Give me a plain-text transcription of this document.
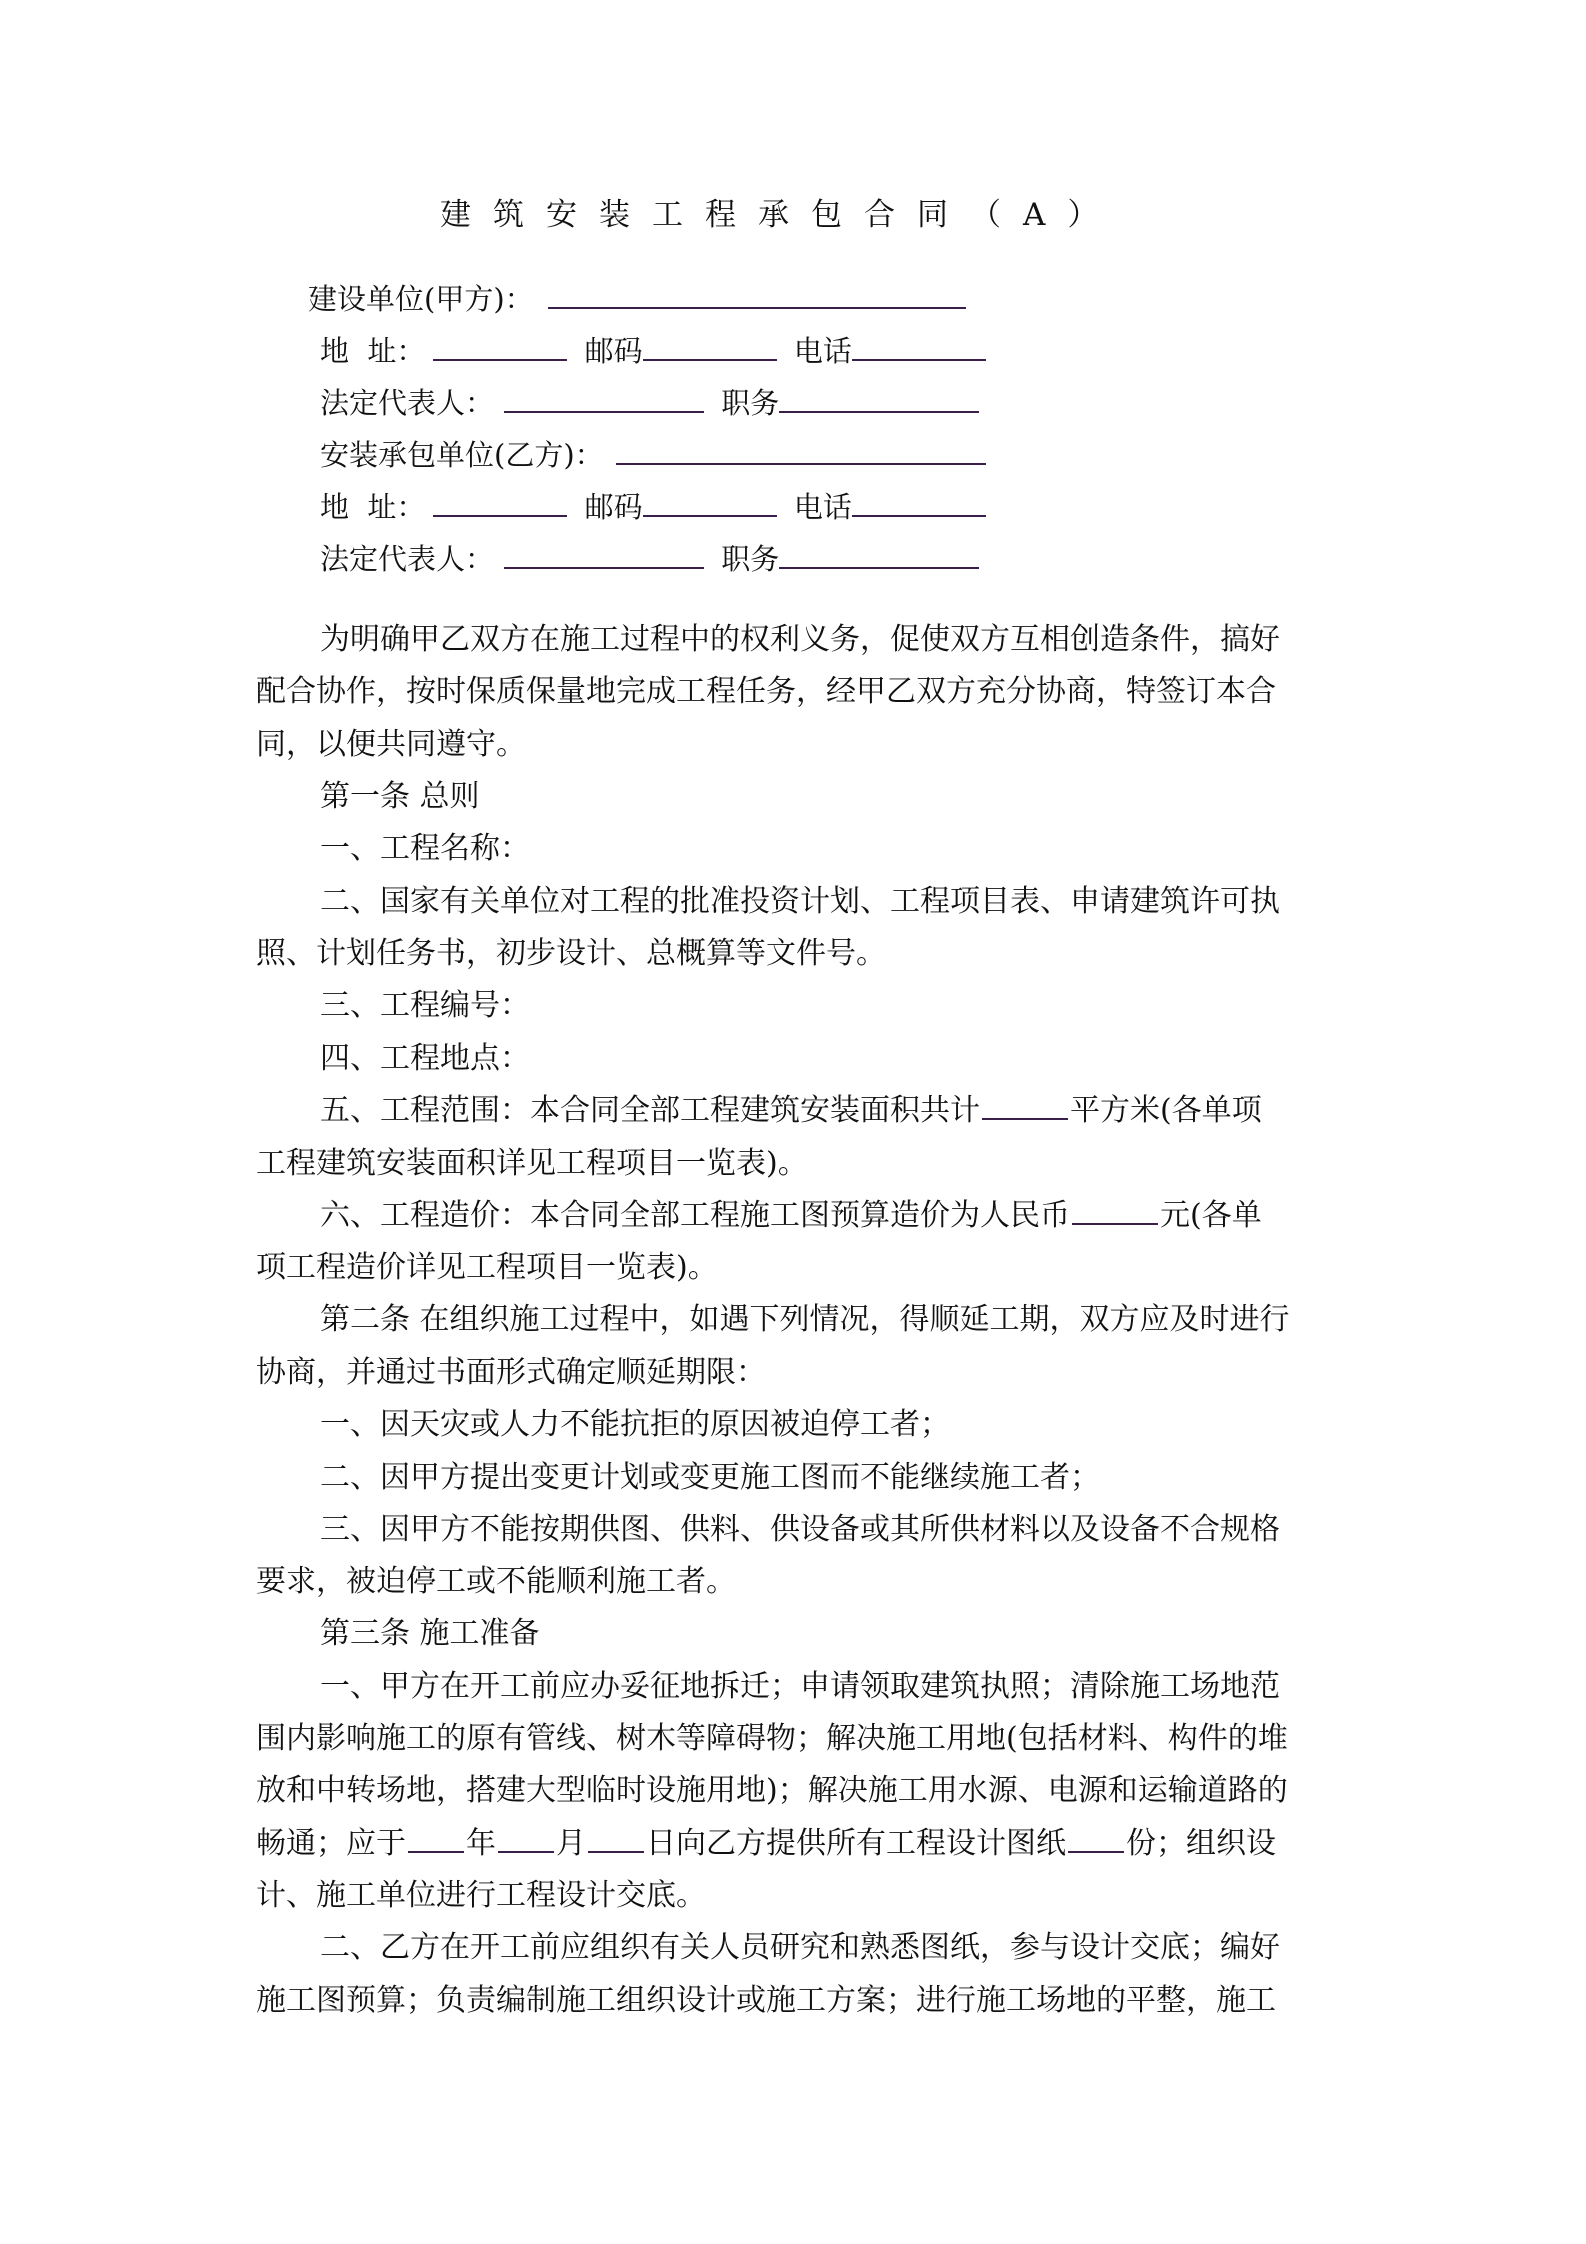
建筑安装工程承包合同（A）
建设单位(甲方)：
地  址：	邮码	电话
法定代表人：	职务
安装承包单位(乙方)：
地  址：	邮码	电话
法定代表人：	职务
为明确甲乙双方在施工过程中的权利义务，促使双方互相创造条件，搞好
配合协作，按时保质保量地完成工程任务，经甲乙双方充分协商，特签订本合
同，以便共同遵守。
第一条 总则
一、工程名称：
二、国家有关单位对工程的批准投资计划、工程项目表、申请建筑许可执
照、计划任务书，初步设计、总概算等文件号。
三、工程编号：
四、工程地点：
五、工程范围：本合同全部工程建筑安装面积共计	平方米(各单项
工程建筑安装面积详见工程项目一览表)。
六、工程造价：本合同全部工程施工图预算造价为人民币	元(各单
项工程造价详见工程项目一览表)。
第二条 在组织施工过程中，如遇下列情况，得顺延工期，双方应及时进行
协商，并通过书面形式确定顺延期限：
一、因天灾或人力不能抗拒的原因被迫停工者；
二、因甲方提出变更计划或变更施工图而不能继续施工者；
三、因甲方不能按期供图、供料、供设备或其所供材料以及设备不合规格
要求，被迫停工或不能顺利施工者。
第三条 施工准备
一、甲方在开工前应办妥征地拆迁；申请领取建筑执照；清除施工场地范
围内影响施工的原有管线、树木等障碍物；解决施工用地(包括材料、构件的堆
放和中转场地，搭建大型临时设施用地)；解决施工用水源、电源和运输道路的
畅通；应于 年 月 日向乙方提供所有工程设计图纸 份；组织设
计、施工单位进行工程设计交底。
二、乙方在开工前应组织有关人员研究和熟悉图纸，参与设计交底；编好
施工图预算；负责编制施工组织设计或施工方案；进行施工场地的平整，施工
